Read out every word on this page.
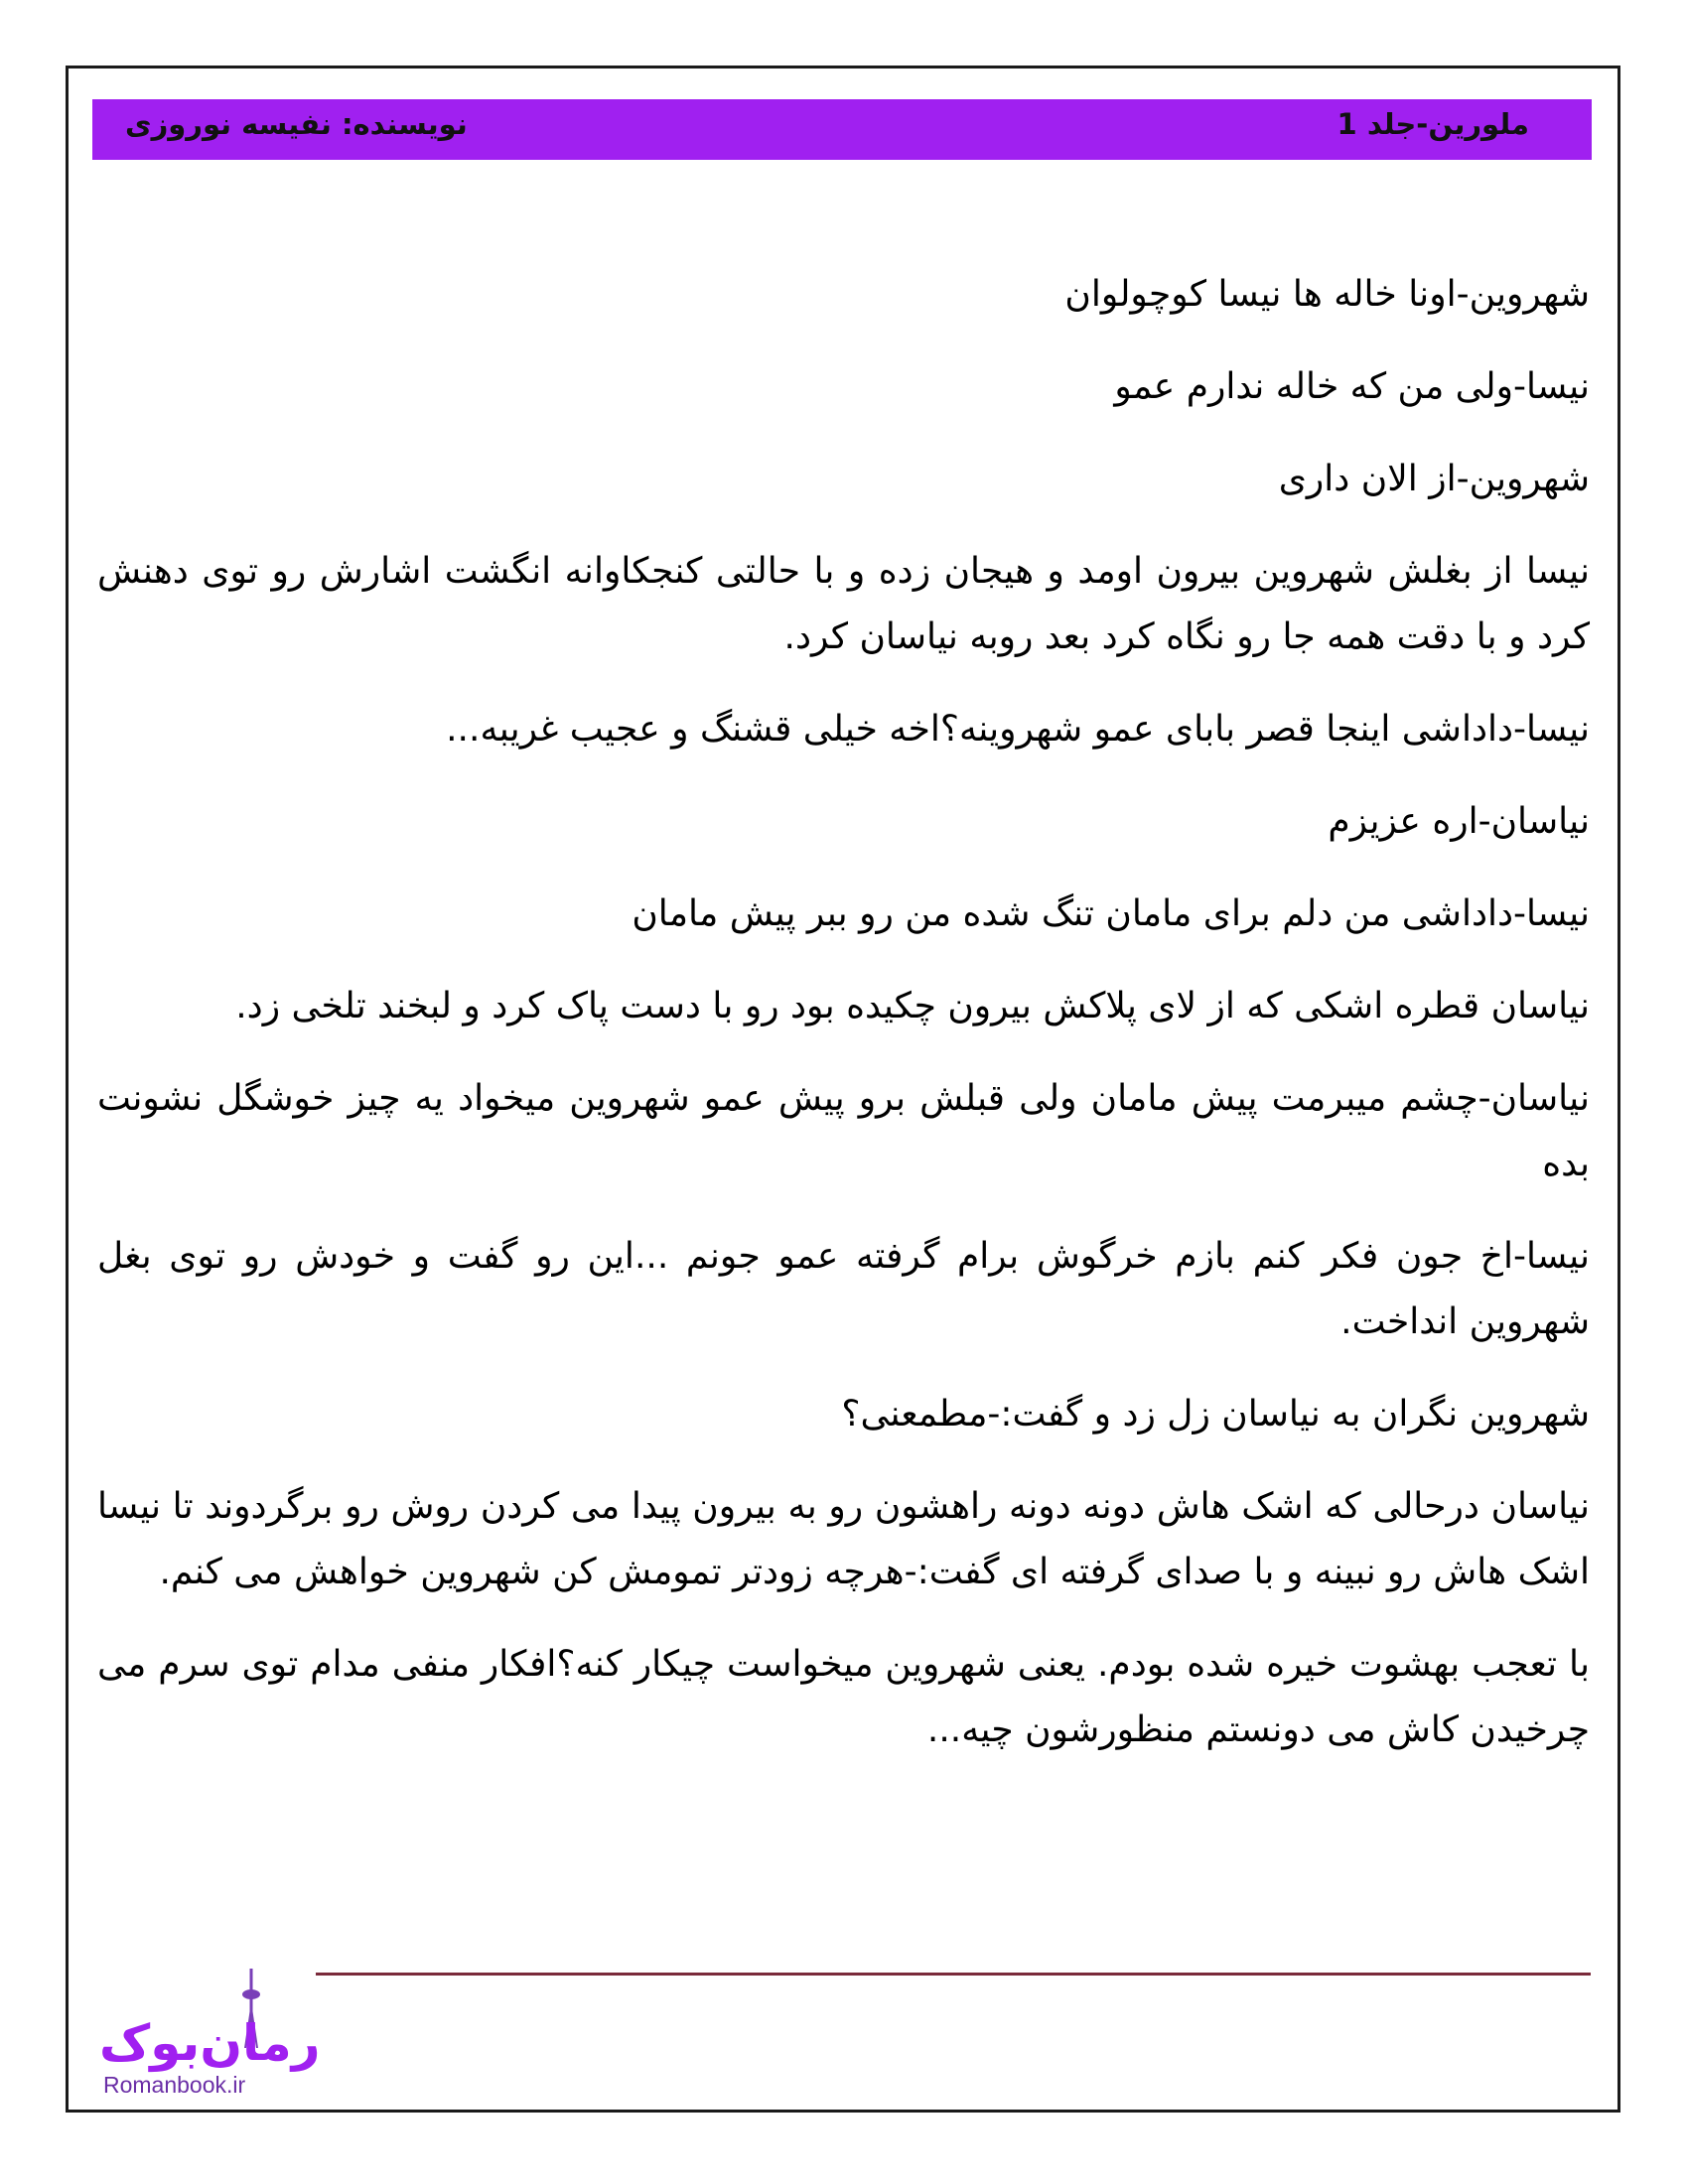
ملورین-جلد 1
نویسنده: نفیسه نوروزی

شهروین-اونا خاله ها نیسا کوچولوان

نیسا-ولی من که خاله ندارم عمو

شهروین-از الان داری

نیسا از بغلش شهروین بیرون اومد و هیجان زده و با حالتی کنجکاوانه انگشت اشارش رو توی دهنش کرد و با دقت همه جا رو نگاه کرد بعد روبه نیاسان کرد.

نیسا-داداشی اینجا قصر بابای عمو شهروینه؟اخه خیلی قشنگ و عجیب غریبه...

نیاسان-اره عزیزم

نیسا-داداشی من دلم برای مامان تنگ شده من رو ببر پیش مامان

نیاسان قطره اشکی که از لای پلاکش بیرون چکیده بود رو با دست پاک کرد و لبخند تلخی زد.

نیاسان-چشم میبرمت پیش مامان ولی قبلش برو پیش عمو شهروین میخواد یه چیز خوشگل نشونت بده

نیسا-اخ جون فکر کنم بازم خرگوش برام گرفته عمو جونم ...این رو گفت و خودش رو توی بغل شهروین انداخت.

شهروین نگران به نیاسان زل زد و گفت:-مطمعنی؟

نیاسان درحالی که اشک هاش دونه دونه راهشون رو به بیرون پیدا می کردن روش رو برگردوند تا نیسا اشک هاش رو نبینه و با صدای گرفته ای گفت:-هرچه زودتر تمومش کن شهروین خواهش می کنم.

با تعجب بهشوت خیره شده بودم. یعنی شهروین میخواست چیکار کنه؟افکار منفی مدام توی سرم می چرخیدن کاش می دونستم منظورشون چیه...

رمان‌بوک
Romanbook.ir
